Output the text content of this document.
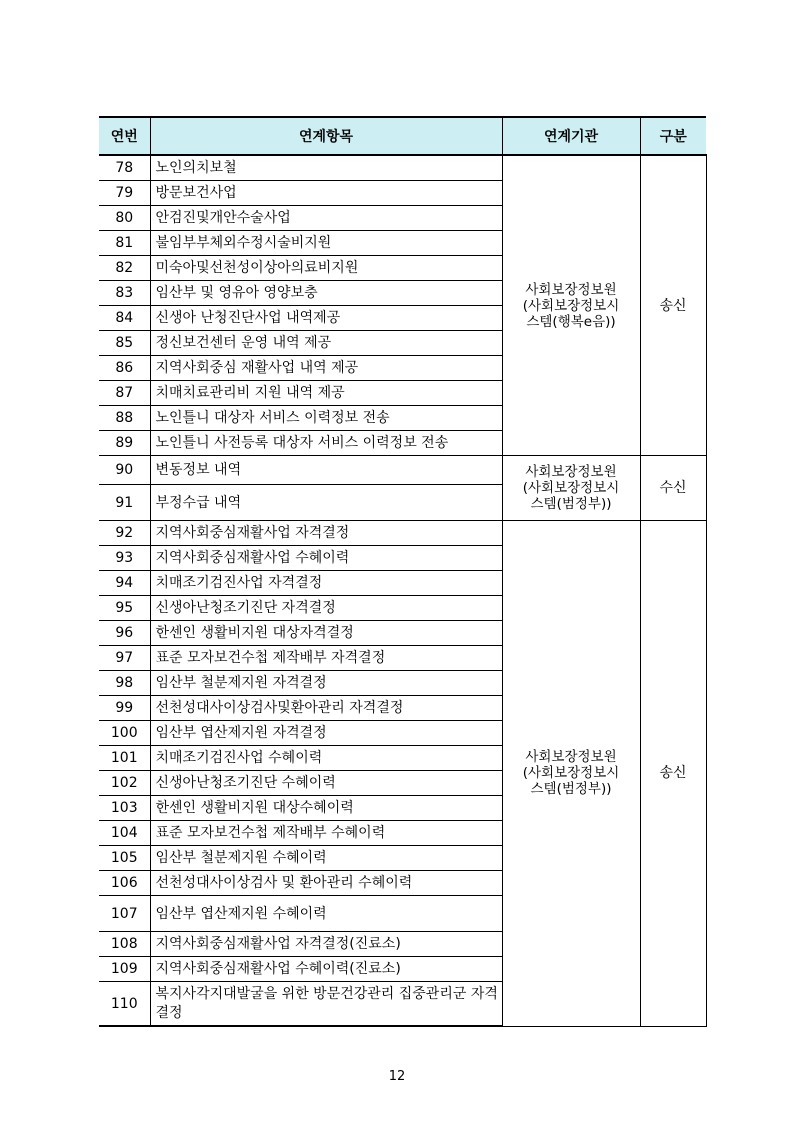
연번	연계항목	연계기관	구분
78	노인의치보철	사회보장정보원
(사회보장정보시
스템(행복e음))	송신
79	방문보건사업		
80	안검진및개안수술사업		
81	불임부부체외수정시술비지원		
82	미숙아및선천성이상아의료비지원		
83	임산부 및 영유아 영양보충		
84	신생아 난청진단사업 내역제공		
85	정신보건센터 운영 내역 제공		
86	지역사회중심 재활사업 내역 제공		
87	치매치료관리비 지원 내역 제공		
88	노인틀니 대상자 서비스 이력정보 전송		
89	노인틀니 사전등록 대상자 서비스 이력정보 전송		
90	변동정보 내역	사회보장정보원
(사회보장정보시
스템(범정부))	수신
91	부정수급 내역		
92	지역사회중심재활사업 자격결정	사회보장정보원
(사회보장정보시
스템(범정부))	송신
93	지역사회중심재활사업 수혜이력		
94	치매조기검진사업 자격결정		
95	신생아난청조기진단 자격결정		
96	한센인 생활비지원 대상자격결정		
97	표준 모자보건수첩 제작배부 자격결정		
98	임산부 철분제지원 자격결정		
99	선천성대사이상검사및환아관리 자격결정		
100	임산부 엽산제지원 자격결정		
101	치매조기검진사업 수혜이력		
102	신생아난청조기진단 수혜이력		
103	한센인 생활비지원 대상수혜이력		
104	표준 모자보건수첩 제작배부 수혜이력		
105	임산부 철분제지원 수혜이력		
106	선천성대사이상검사 및 환아관리 수혜이력		
107	임산부 엽산제지원 수혜이력		
108	지역사회중심재활사업 자격결정(진료소)		
109	지역사회중심재활사업 수혜이력(진료소)		
110	복지사각지대발굴을 위한 방문건강관리 집중관리군 자격결정		
12
